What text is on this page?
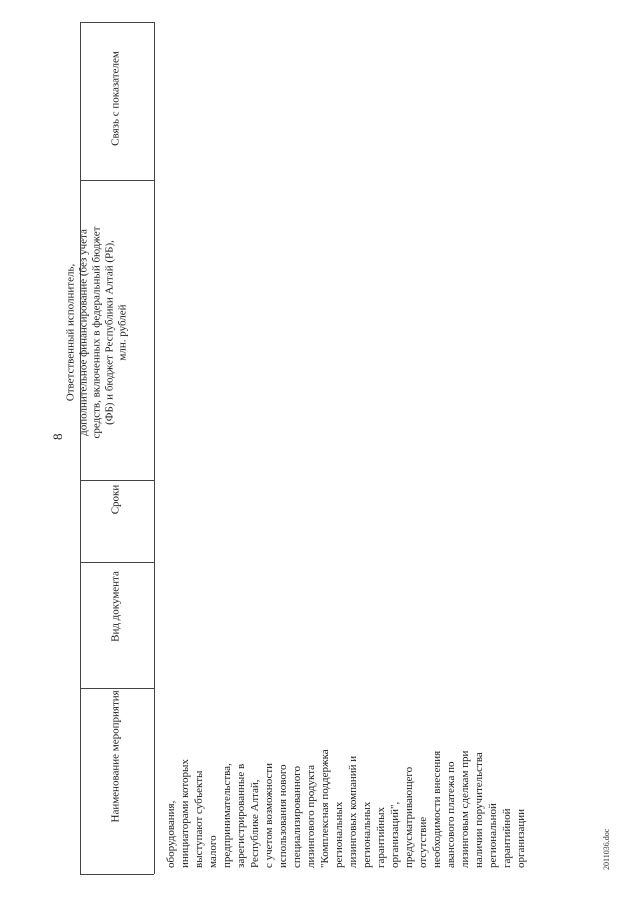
8
Связь с показателем
Ответственный исполнитель, дополнительное финансирование (без учета средств, включенных в федеральный бюджет (ФБ) и бюджет Республики Алтай (РБ), млн. рублей
Сроки
Вид документа
Наименование мероприятия
оборудования, инициаторами которых выступают субъекты малого предпринимательства, зарегистрированные в Республике Алтай, с учетом возможности использования нового специализированного лизингового продукта "Комплексная поддержка региональных лизинговых компаний и региональных гарантийных организаций", предусматривающего отсутствие необходимости внесения авансового платежа по лизинговым сделкам при наличии поручительства региональной гарантийной организации	2011036.doc
